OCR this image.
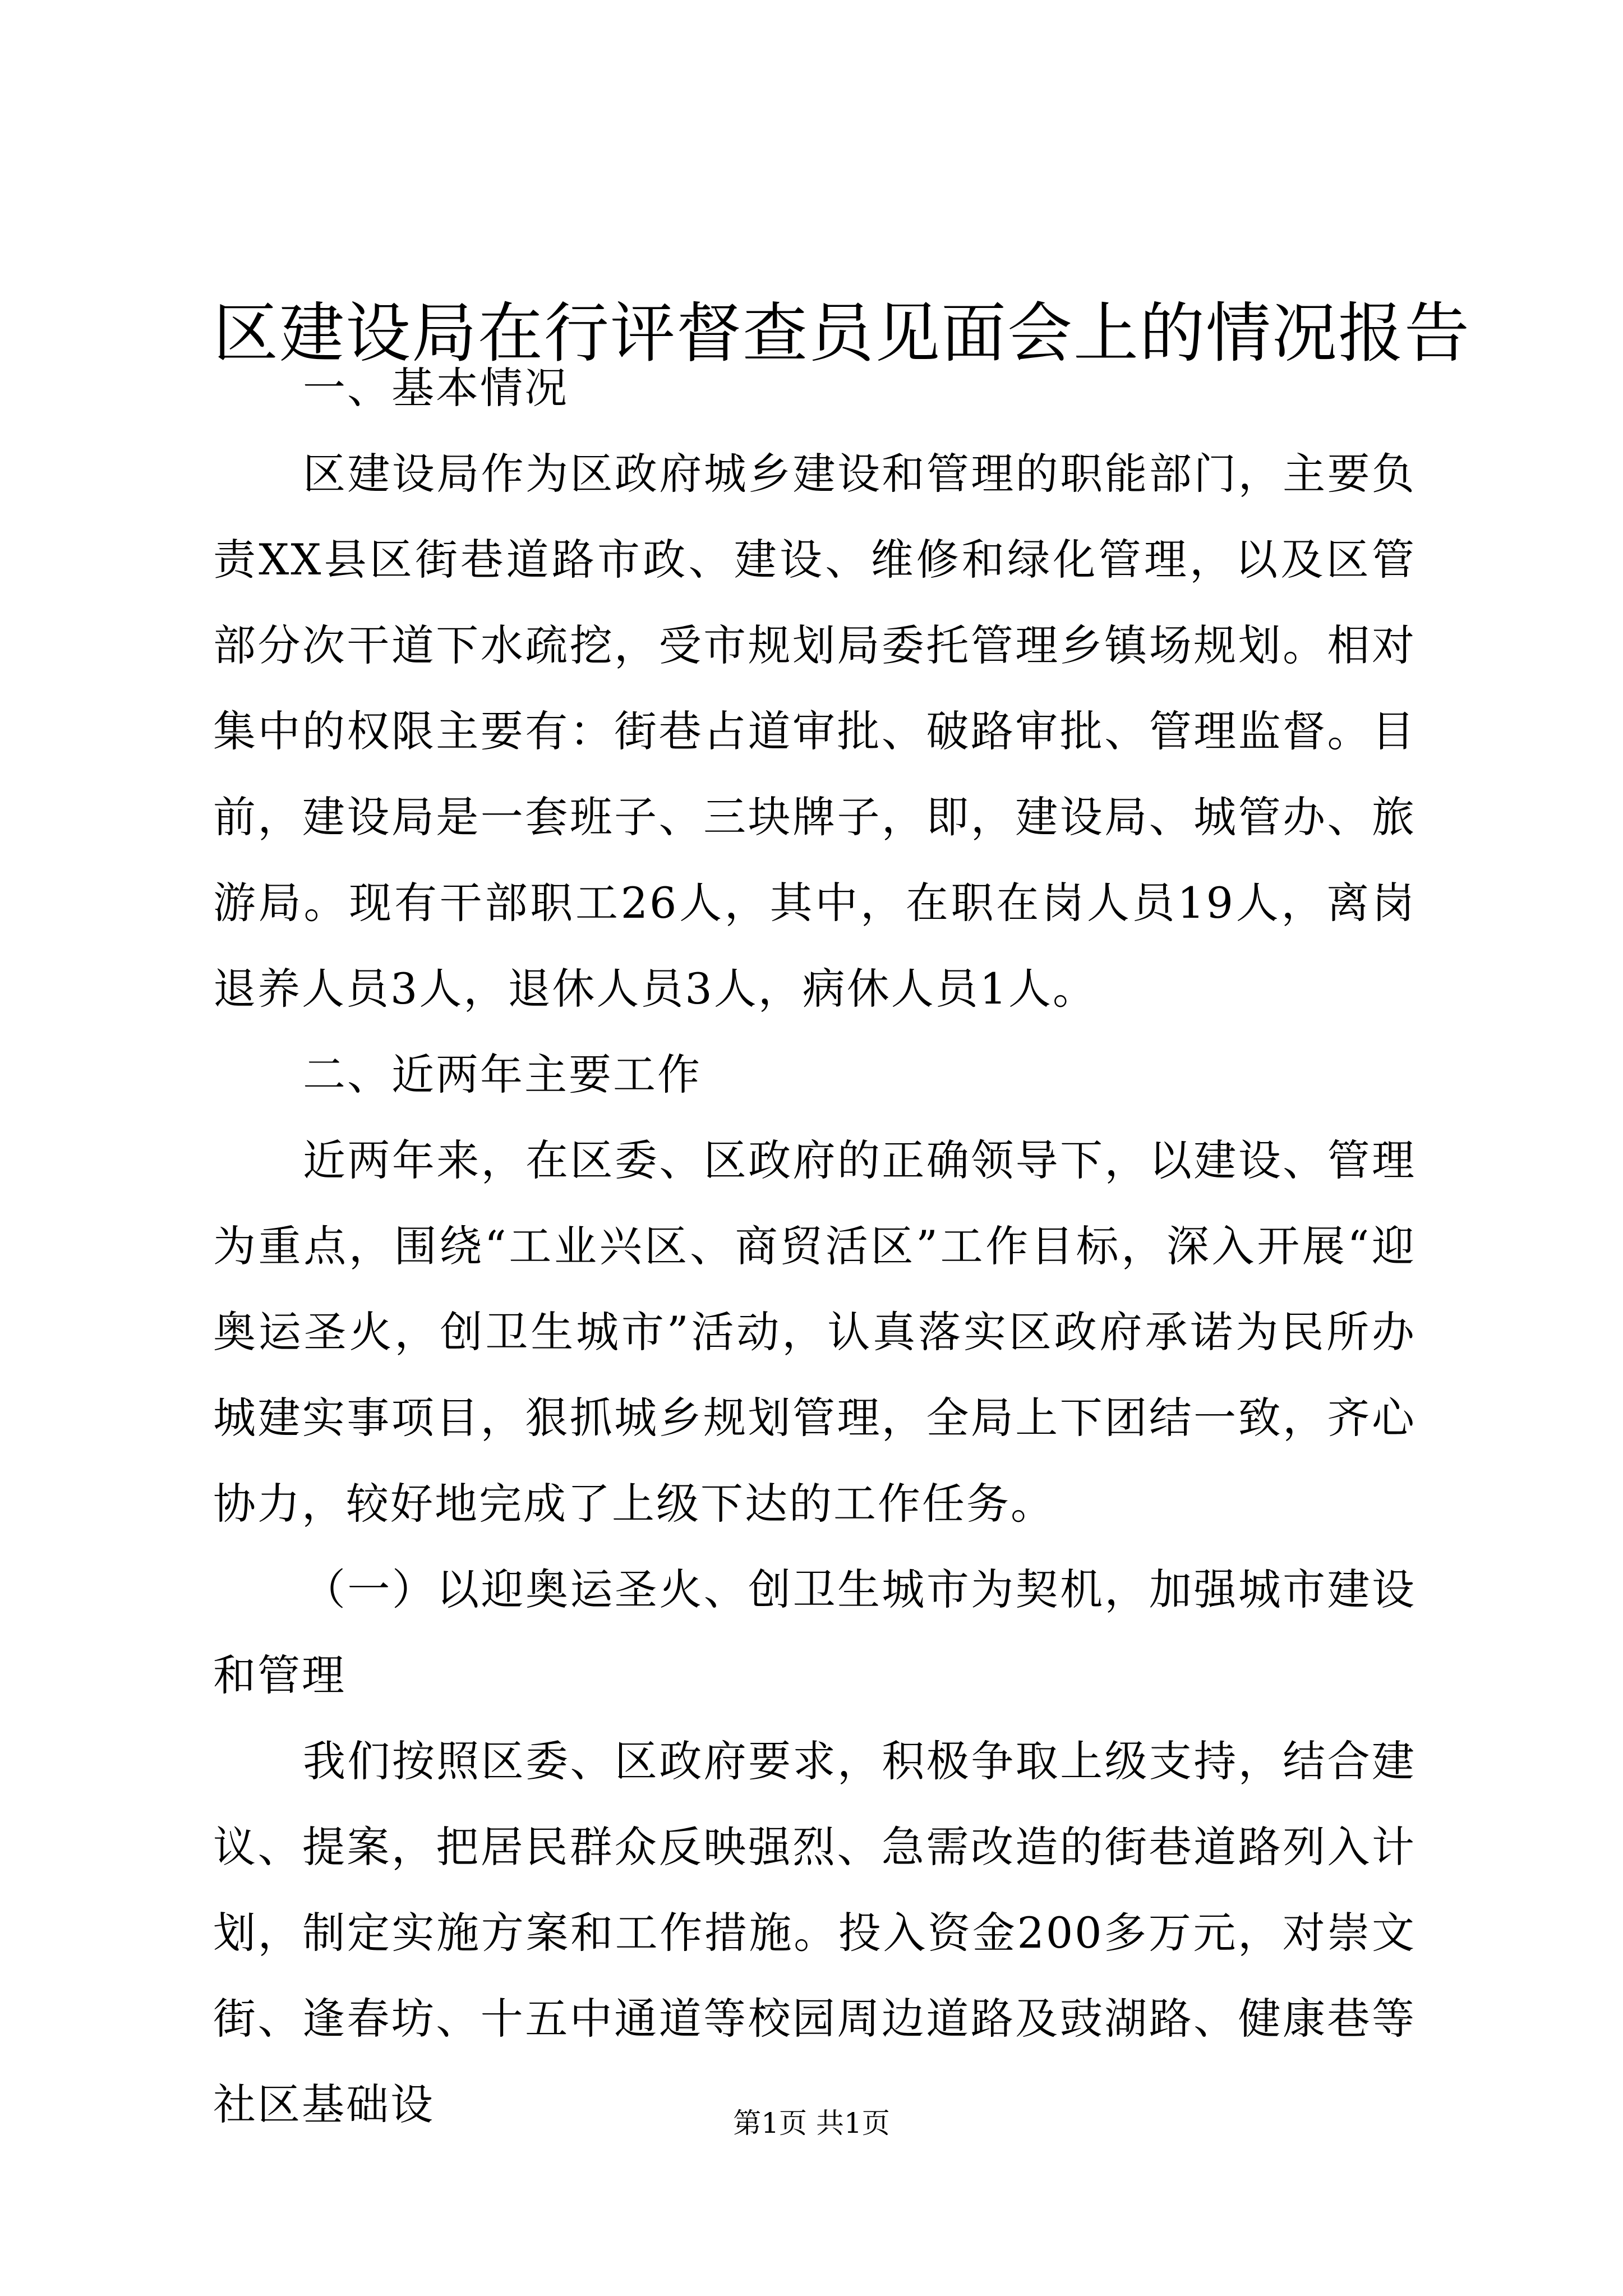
区建设局在行评督查员见面会上的情况报告

一、基本情况

区建设局作为区政府城乡建设和管理的职能部门，主要负责XX县区街巷道路市政、建设、维修和绿化管理，以及区管部分次干道下水疏挖，受市规划局委托管理乡镇场规划。相对集中的权限主要有：街巷占道审批、破路审批、管理监督。目前，建设局是一套班子、三块牌子，即，建设局、城管办、旅游局。现有干部职工26人，其中，在职在岗人员19人，离岗退养人员3人，退休人员3人，病休人员1人。

二、近两年主要工作

近两年来，在区委、区政府的正确领导下，以建设、管理为重点，围绕“工业兴区、商贸活区”工作目标，深入开展“迎奥运圣火，创卫生城市”活动，认真落实区政府承诺为民所办城建实事项目，狠抓城乡规划管理，全局上下团结一致，齐心协力，较好地完成了上级下达的工作任务。

（一）以迎奥运圣火、创卫生城市为契机，加强城市建设和管理

我们按照区委、区政府要求，积极争取上级支持，结合建议、提案，把居民群众反映强烈、急需改造的街巷道路列入计划，制定实施方案和工作措施。投入资金200多万元，对崇文街、逢春坊、十五中通道等校园周边道路及豉湖路、健康巷等社区基础设	第1页 共1页
